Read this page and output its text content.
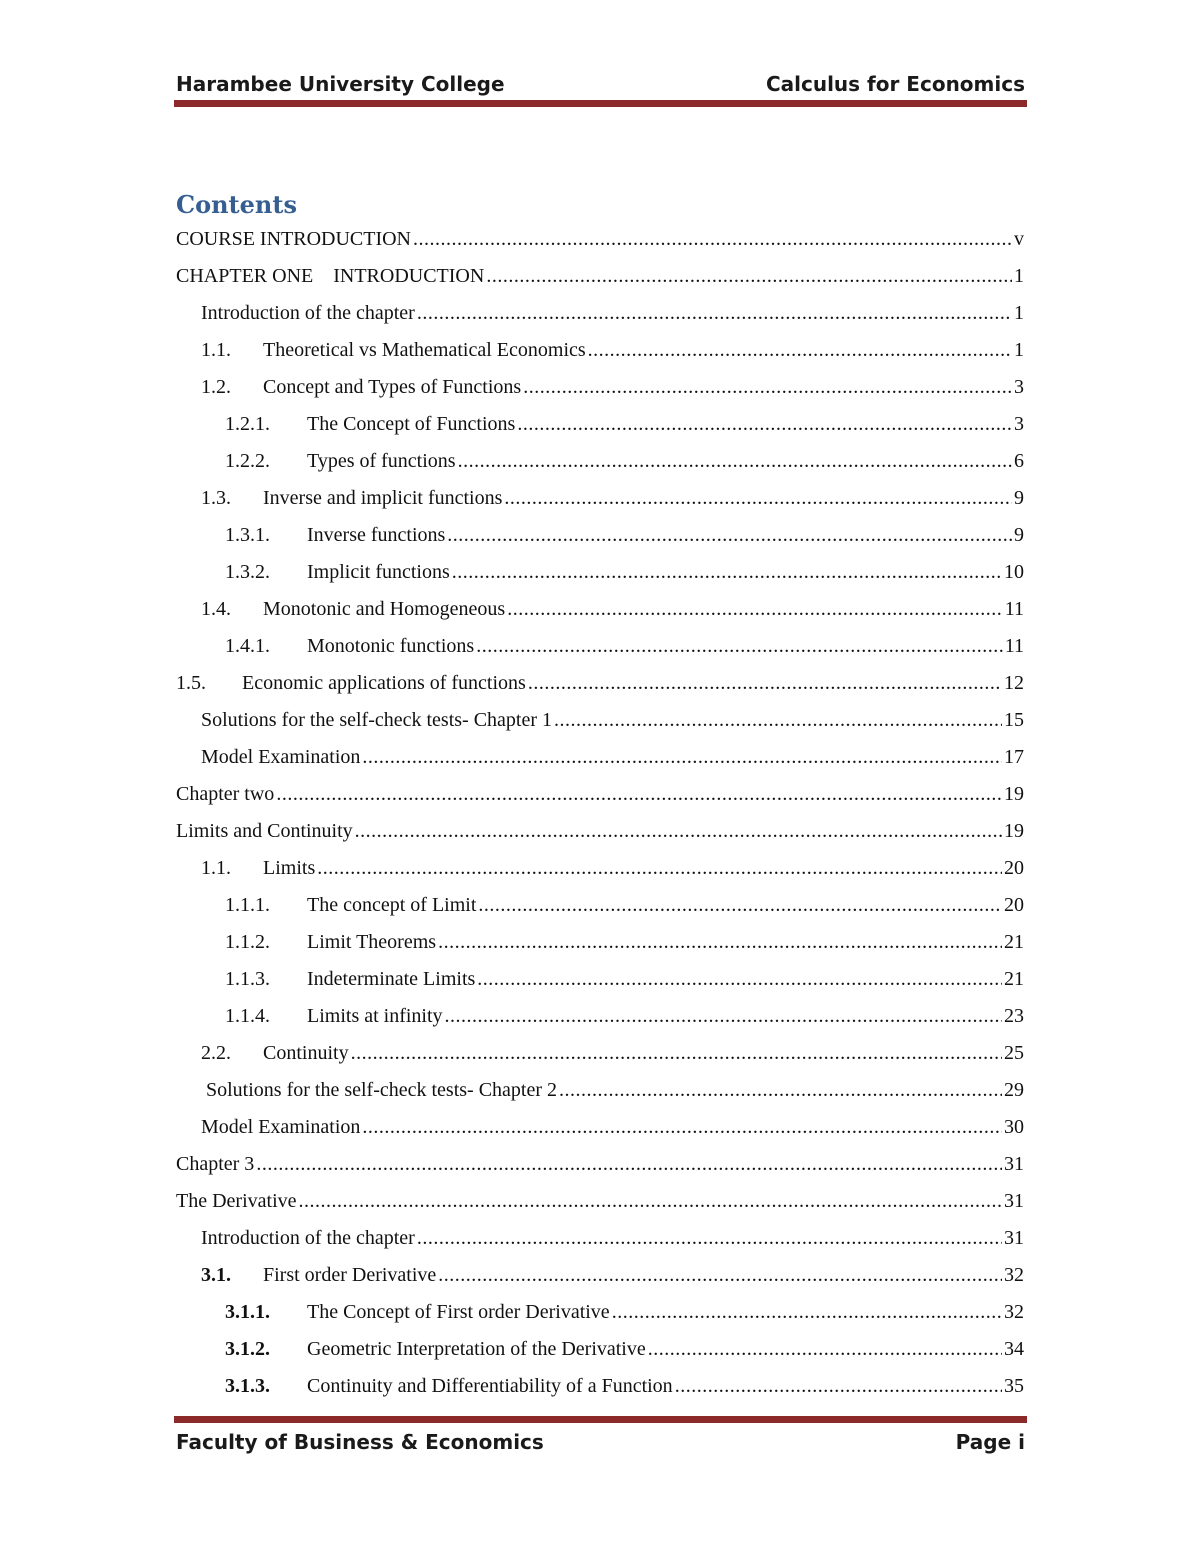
Harambee University College	Calculus for Economics
Contents
COURSE INTRODUCTION .....	v
CHAPTER ONE    INTRODUCTION .....	1
Introduction of the chapter .....	1
1.1.	Theoretical vs Mathematical Economics .....	1
1.2.	Concept and Types of Functions .....	3
1.2.1.	The Concept of Functions .....	3
1.2.2.	Types of functions .....	6
1.3.	Inverse and implicit functions .....	9
1.3.1.	Inverse functions .....	9
1.3.2.	Implicit functions .....	10
1.4.	Monotonic and Homogeneous .....	11
1.4.1.	Monotonic functions .....	11
1.5.	Economic applications of functions .....	12
Solutions for the self-check tests- Chapter 1 .....	15
Model Examination .....	17
Chapter two .....	19
Limits and Continuity .....	19
1.1.	Limits .....	20
1.1.1.	The concept of Limit .....	20
1.1.2.	Limit Theorems .....	21
1.1.3.	Indeterminate Limits .....	21
1.1.4.	Limits at infinity .....	23
2.2.	Continuity .....	25
Solutions for the self-check tests- Chapter 2 .....	29
Model Examination .....	30
Chapter 3 .....	31
The Derivative .....	31
Introduction of the chapter .....	31
3.1.	First order Derivative .....	32
3.1.1.	The Concept of First order Derivative .....	32
3.1.2.	Geometric Interpretation of the Derivative .....	34
3.1.3.	Continuity and Differentiability of a Function .....	35
Faculty of Business & Economics	Page i
